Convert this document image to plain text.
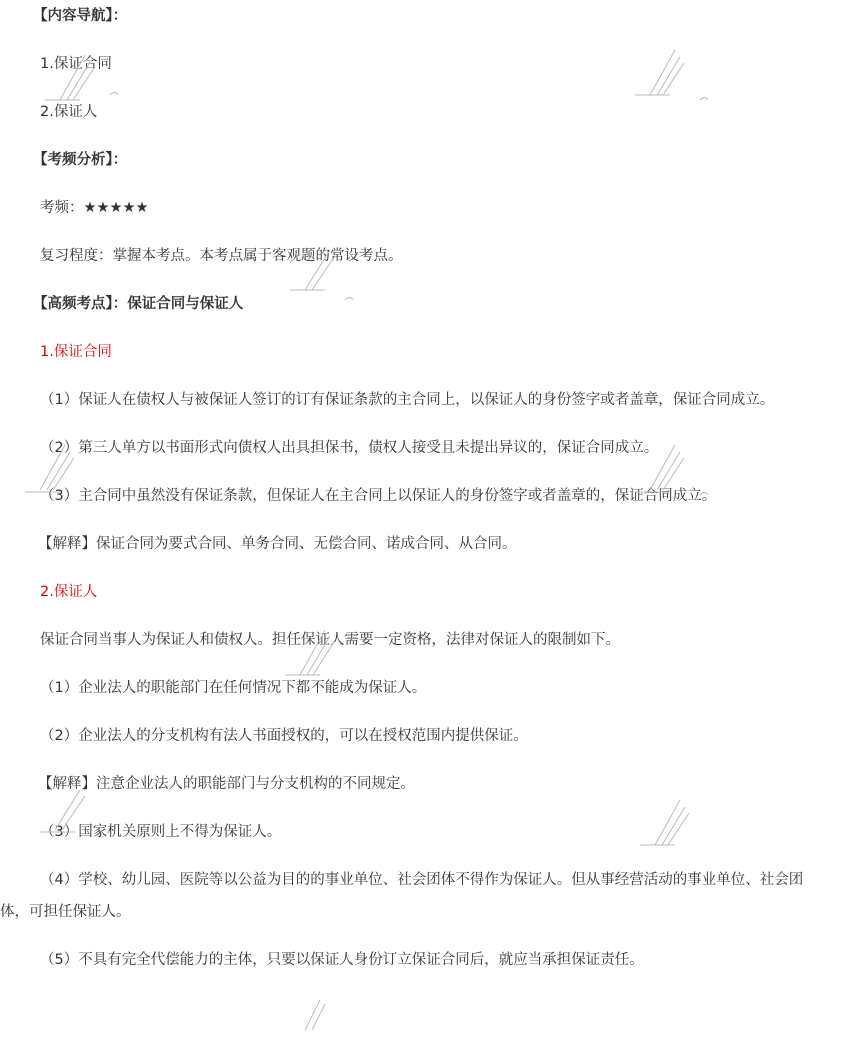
【内容导航】：

1.保证合同

2.保证人

【考频分析】：

考频：★★★★★

复习程度：掌握本考点。本考点属于客观题的常设考点。

【高频考点】：保证合同与保证人

1.保证合同

（1）保证人在债权人与被保证人签订的订有保证条款的主合同上，以保证人的身份签字或者盖章，保证合同成立。

（2）第三人单方以书面形式向债权人出具担保书，债权人接受且未提出异议的，保证合同成立。

（3）主合同中虽然没有保证条款，但保证人在主合同上以保证人的身份签字或者盖章的，保证合同成立。

【解释】保证合同为要式合同、单务合同、无偿合同、诺成合同、从合同。

2.保证人

保证合同当事人为保证人和债权人。担任保证人需要一定资格，法律对保证人的限制如下。

（1）企业法人的职能部门在任何情况下都不能成为保证人。

（2）企业法人的分支机构有法人书面授权的，可以在授权范围内提供保证。

【解释】注意企业法人的职能部门与分支机构的不同规定。

（3）国家机关原则上不得为保证人。

（4）学校、幼儿园、医院等以公益为目的的事业单位、社会团体不得作为保证人。但从事经营活动的事业单位、社会团体，可担任保证人。

（5）不具有完全代偿能力的主体，只要以保证人身份订立保证合同后，就应当承担保证责任。
